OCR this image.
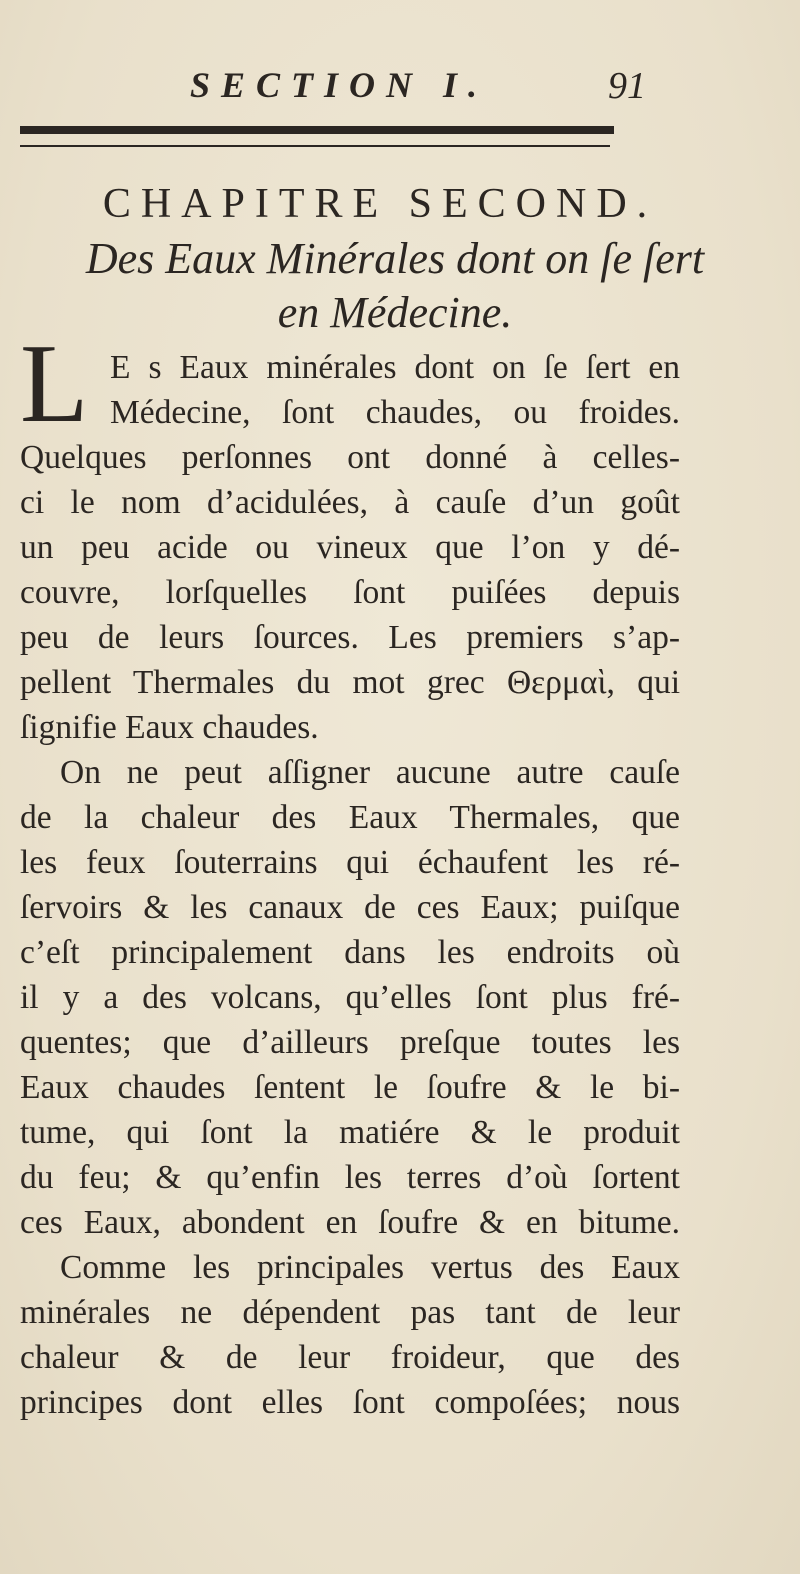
SECTION I.	91
CHAPITRE SECOND.
Des Eaux Minérales dont on ſe ſert
en Médecine.
L E s Eaux minérales dont on ſe ſert en
Médecine, ſont chaudes, ou froides.
Quelques perſonnes ont donné à celles-
ci le nom d’acidulées, à cauſe d’un goût
un peu acide ou vineux que l’on y dé-
couvre, lorſquelles ſont puiſées depuis
peu de leurs ſources. Les premiers s’ap-
pellent Thermales du mot grec Θερμαὶ, qui
ſignifie Eaux chaudes.
On ne peut aſſigner aucune autre cauſe
de la chaleur des Eaux Thermales, que
les feux ſouterrains qui échaufent les ré-
ſervoirs & les canaux de ces Eaux; puiſque
c’eſt principalement dans les endroits où
il y a des volcans, qu’elles ſont plus fré-
quentes; que d’ailleurs preſque toutes les
Eaux chaudes ſentent le ſoufre & le bi-
tume, qui ſont la matiére & le produit
du feu; & qu’enfin les terres d’où ſortent
ces Eaux, abondent en ſoufre & en bitume.
Comme les principales vertus des Eaux
minérales ne dépendent pas tant de leur
chaleur & de leur froideur, que des
principes dont elles ſont compoſées; nous
